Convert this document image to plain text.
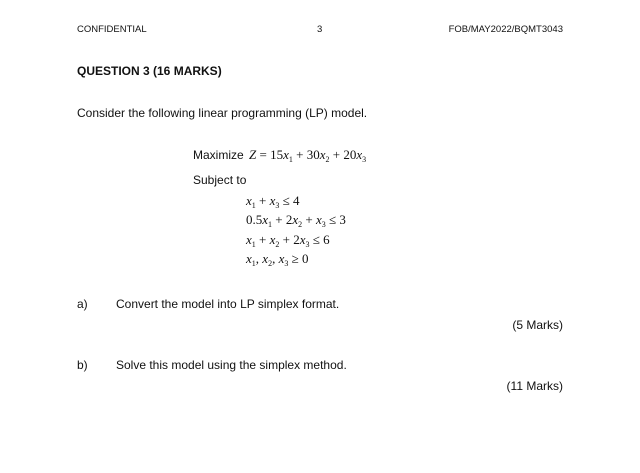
CONFIDENTIAL	3	FOB/MAY2022/BQMT3043
QUESTION 3 (16 MARKS)
Consider the following linear programming (LP) model.
Maximize $Z = 15x_1 + 30x_2 + 20x_3$
Subject to
$x_1 + x_3 \le 4$
$0.5x_1 + 2x_2 + x_3 \le 3$
$x_1 + x_2 + 2x_3 \le 6$
$x_1$, $x_2$, $x_3 \ge 0$
a) Convert the model into LP simplex format.
(5 Marks)
b) Solve this model using the simplex method.
(11 Marks)
